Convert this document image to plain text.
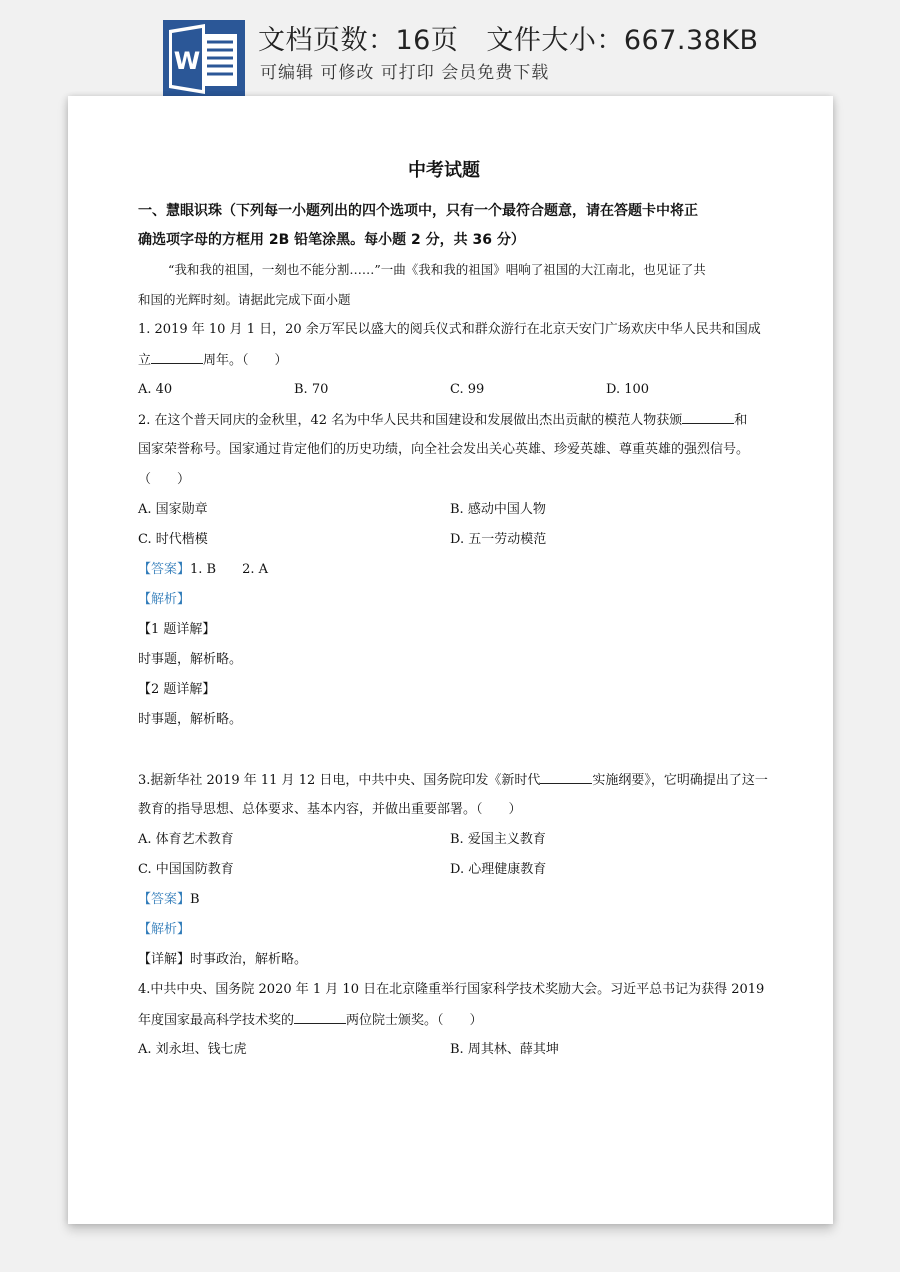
W
文档页数：16页 文件大小：667.38KB
可编辑 可修改 可打印 会员免费下载
中考试题
一、慧眼识珠（下列每一小题列出的四个选项中，只有一个最符合题意，请在答题卡中将正
确选项字母的方框用 2B 铅笔涂黑。每小题 2 分，共 36 分）
“我和我的祖国，一刻也不能分割……”一曲《我和我的祖国》唱响了祖国的大江南北，也见证了共
和国的光辉时刻。请据此完成下面小题
1. 2019 年 10 月 1 日，20 余万军民以盛大的阅兵仪式和群众游行在北京天安门广场欢庆中华人民共和国成
立	周年。（　　）
A. 40	B. 70	C. 99	D. 100
2. 在这个普天同庆的金秋里，42 名为中华人民共和国建设和发展做出杰出贡献的模范人物获颁	和
国家荣誉称号。国家通过肯定他们的历史功绩，向全社会发出关心英雄、珍爱英雄、尊重英雄的强烈信号。
（　　）
A. 国家勋章	B. 感动中国人物
C. 时代楷模	D. 五一劳动模范
【答案】1. B　　2. A
【解析】
【1 题详解】
时事题，解析略。
【2 题详解】
时事题，解析略。
3.据新华社 2019 年 11 月 12 日电，中共中央、国务院印发《新时代	实施纲要》，它明确提出了这一
教育的指导思想、总体要求、基本内容，并做出重要部署。（　　）
A. 体育艺术教育	B. 爱国主义教育
C. 中国国防教育	D. 心理健康教育
【答案】B
【解析】
【详解】时事政治，解析略。
4.中共中央、国务院 2020 年 1 月 10 日在北京隆重举行国家科学技术奖励大会。习近平总书记为获得 2019
年度国家最高科学技术奖的	两位院士颁奖。（　　）
A. 刘永坦、钱七虎	B. 周其林、薛其坤
